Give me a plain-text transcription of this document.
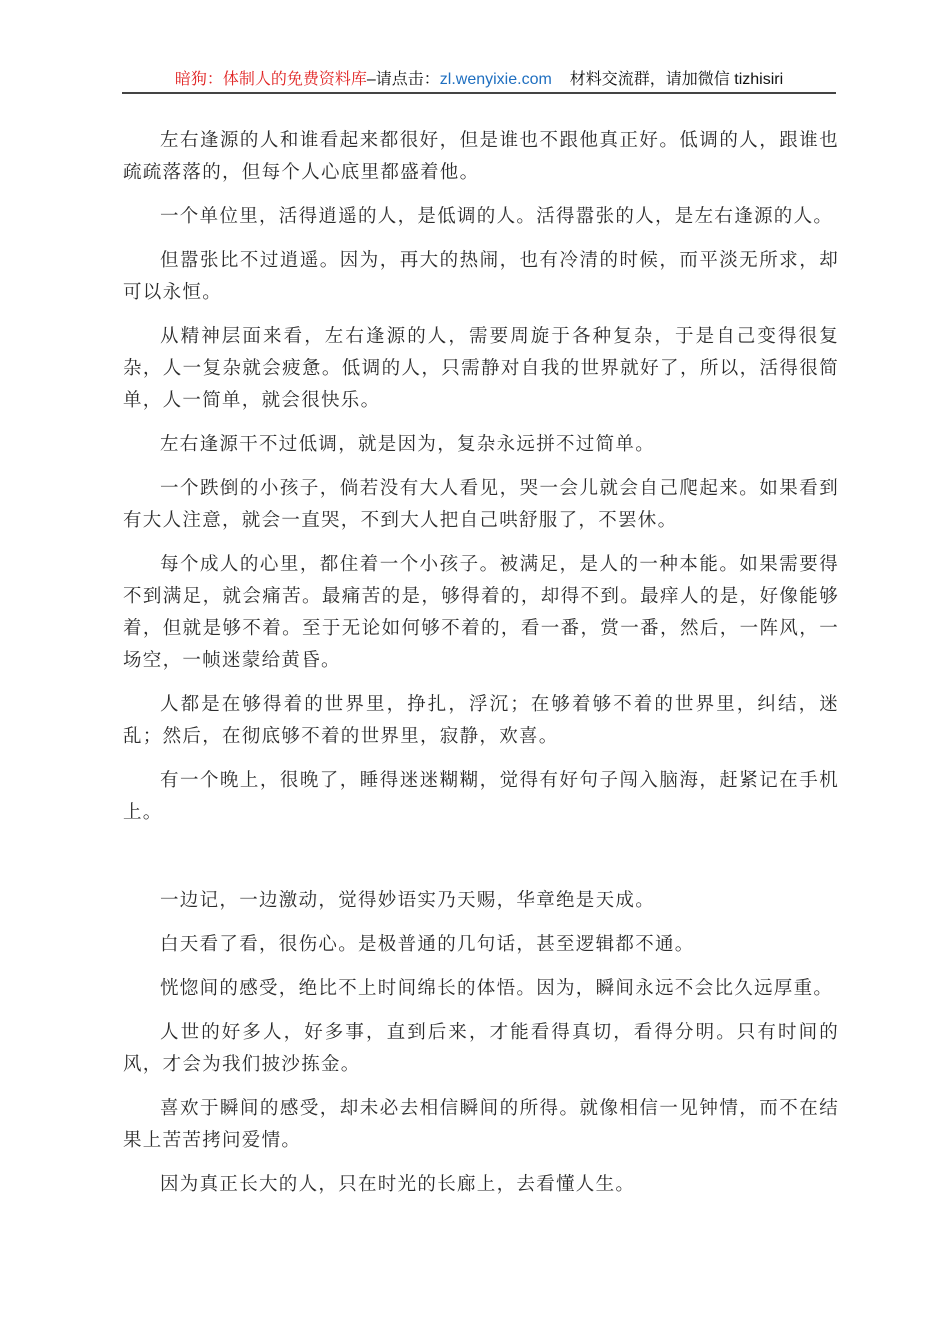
暗狗：体制人的免费资料库–请点击：zl.wenyixie.com 材料交流群，请加微信 tizhisiri

左右逢源的人和谁看起来都很好，但是谁也不跟他真正好。低调的人，跟谁也疏疏落落的，但每个人心底里都盛着他。

一个单位里，活得逍遥的人，是低调的人。活得嚣张的人，是左右逢源的人。

但嚣张比不过逍遥。因为，再大的热闹，也有冷清的时候，而平淡无所求，却可以永恒。

从精神层面来看，左右逢源的人，需要周旋于各种复杂，于是自己变得很复杂，人一复杂就会疲惫。低调的人，只需静对自我的世界就好了，所以，活得很简单，人一简单，就会很快乐。

左右逢源干不过低调，就是因为，复杂永远拼不过简单。

一个跌倒的小孩子，倘若没有大人看见，哭一会儿就会自己爬起来。如果看到有大人注意，就会一直哭，不到大人把自己哄舒服了，不罢休。

每个成人的心里，都住着一个小孩子。被满足，是人的一种本能。如果需要得不到满足，就会痛苦。最痛苦的是，够得着的，却得不到。最痒人的是，好像能够着，但就是够不着。至于无论如何够不着的，看一番，赏一番，然后，一阵风，一场空，一帧迷蒙给黄昏。

人都是在够得着的世界里，挣扎，浮沉；在够着够不着的世界里，纠结，迷乱；然后，在彻底够不着的世界里，寂静，欢喜。

有一个晚上，很晚了，睡得迷迷糊糊，觉得有好句子闯入脑海，赶紧记在手机上。

一边记，一边激动，觉得妙语实乃天赐，华章绝是天成。

白天看了看，很伤心。是极普通的几句话，甚至逻辑都不通。

恍惚间的感受，绝比不上时间绵长的体悟。因为，瞬间永远不会比久远厚重。

人世的好多人，好多事，直到后来，才能看得真切，看得分明。只有时间的风，才会为我们披沙拣金。

喜欢于瞬间的感受，却未必去相信瞬间的所得。就像相信一见钟情，而不在结果上苦苦拷问爱情。

因为真正长大的人，只在时光的长廊上，去看懂人生。
